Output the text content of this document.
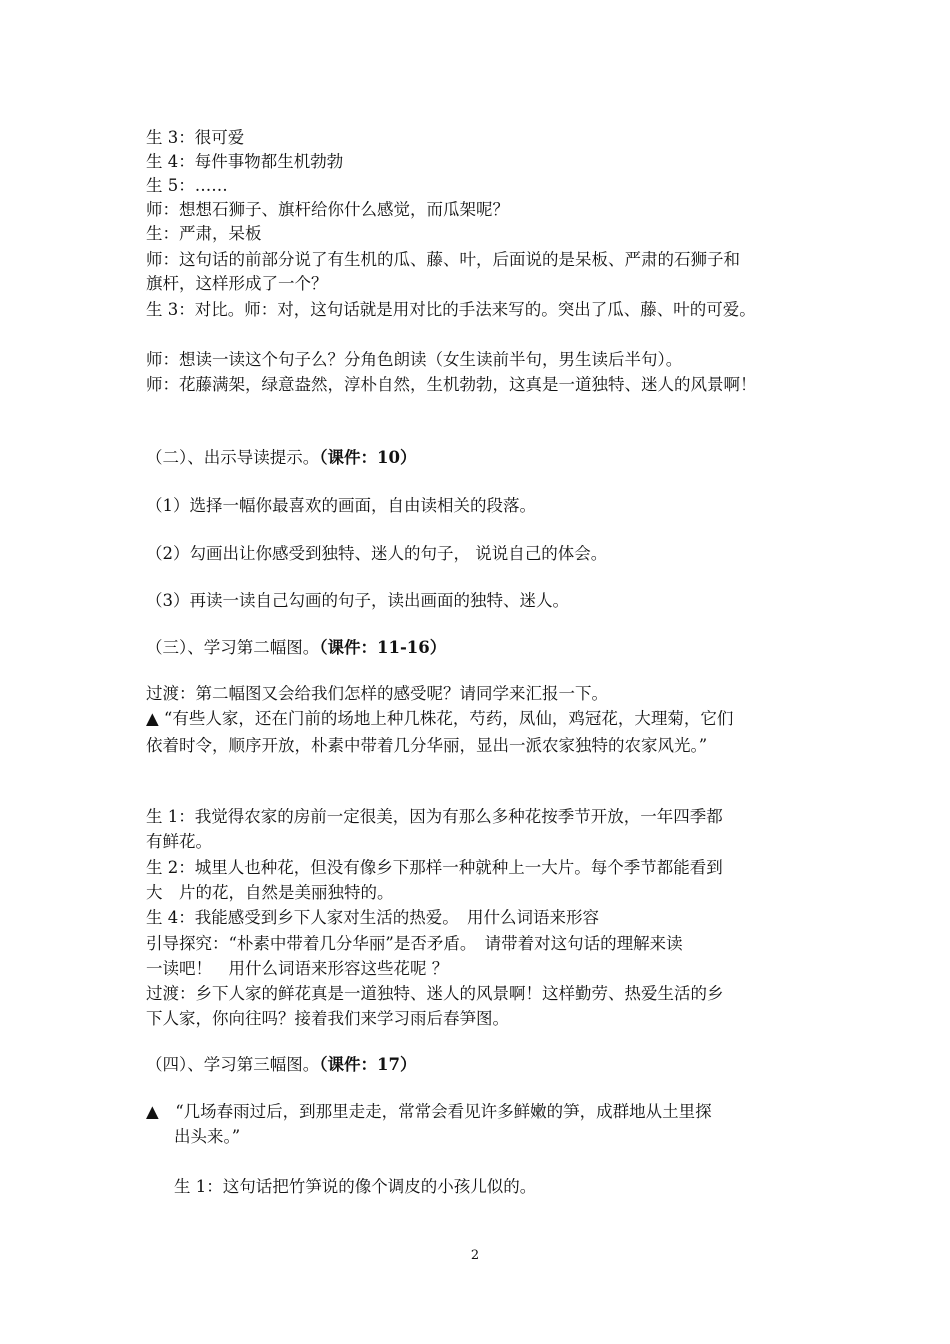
生 3：很可爱
生 4：每件事物都生机勃勃
生 5：……
师：想想石狮子、旗杆给你什么感觉，而瓜架呢？
生：严肃，呆板
师：这句话的前部分说了有生机的瓜、藤、叶，后面说的是呆板、严肃的石狮子和
旗杆，这样形成了一个？
生 3：对比。师：对，这句话就是用对比的手法来写的。突出了瓜、藤、叶的可爱。
师：想读一读这个句子么？分角色朗读（女生读前半句，男生读后半句）。
师：花藤满架，绿意盎然，淳朴自然，生机勃勃，这真是一道独特、迷人的风景啊！
（二）、出示导读提示。（课件：10）
（1）选择一幅你最喜欢的画面，自由读相关的段落。
（2）勾画出让你感受到独特、迷人的句子， 说说自己的体会。
（3）再读一读自己勾画的句子，读出画面的独特、迷人。
（三）、学习第二幅图。（课件：11-16）
过渡：第二幅图又会给我们怎样的感受呢？请同学来汇报一下。
▲ “有些人家，还在门前的场地上种几株花，芍药，凤仙，鸡冠花，大理菊，它们
依着时令，顺序开放，朴素中带着几分华丽，显出一派农家独特的农家风光。”
生 1：我觉得农家的房前一定很美，因为有那么多种花按季节开放，一年四季都
有鲜花。
生 2：城里人也种花，但没有像乡下那样一种就种上一大片。每个季节都能看到
大　片的花，自然是美丽独特的。
生 4：我能感受到乡下人家对生活的热爱。　用什么词语来形容
引导探究：“朴素中带着几分华丽”是否矛盾。　请带着对这句话的理解来读
一读吧！　用什么词语来形容这些花呢 ？
过渡：乡下人家的鲜花真是一道独特、迷人的风景啊！这样勤劳、热爱生活的乡
下人家，你向往吗？接着我们来学习雨后春笋图。
（四）、学习第三幅图。（课件：17）
▲　“几场春雨过后，到那里走走，常常会看见许多鲜嫩的笋，成群地从土里探
出头来。”
生 1：这句话把竹笋说的像个调皮的小孩儿似的。
2
